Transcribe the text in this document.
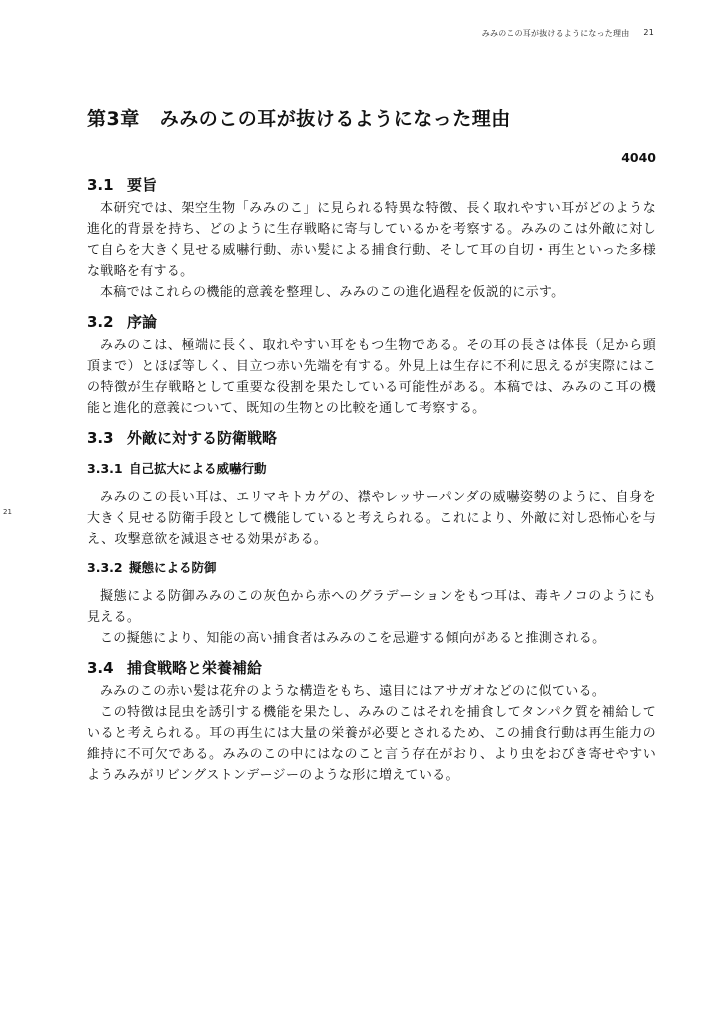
みみのこの耳が抜けるようになった理由 21
21
第3章 みみのこの耳が抜けるようになった理由
4040
3.1 要旨

本研究では、架空生物「みみのこ」に見られる特異な特徴、長く取れやすい耳がどのような進化的背景を持ち、どのように生存戦略に寄与しているかを考察する。みみのこは外敵に対して自らを大きく見せる威嚇行動、赤い髪による捕食行動、そして耳の自切・再生といった多様な戦略を有する。

本稿ではこれらの機能的意義を整理し、みみのこの進化過程を仮説的に示す。

3.2 序論

みみのこは、極端に長く、取れやすい耳をもつ生物である。その耳の長さは体長（足から頭頂まで）とほぼ等しく、目立つ赤い先端を有する。外見上は生存に不利に思えるが実際にはこの特徴が生存戦略として重要な役割を果たしている可能性がある。本稿では、みみのこ耳の機能と進化的意義について、既知の生物との比較を通して考察する。

3.3 外敵に対する防衛戦略
3.3.1 自己拡大による威嚇行動

みみのこの長い耳は、エリマキトカゲの、襟やレッサーパンダの威嚇姿勢のように、自身を大きく見せる防衛手段として機能していると考えられる。これにより、外敵に対し恐怖心を与え、攻撃意欲を減退させる効果がある。

3.3.2 擬態による防御

擬態による防御みみのこの灰色から赤へのグラデーションをもつ耳は、毒キノコのようにも見える。

この擬態により、知能の高い捕食者はみみのこを忌避する傾向があると推測される。

3.4 捕食戦略と栄養補給

みみのこの赤い髪は花弁のような構造をもち、遠目にはアサガオなどのに似ている。

この特徴は昆虫を誘引する機能を果たし、みみのこはそれを捕食してタンパク質を補給していると考えられる。耳の再生には大量の栄養が必要とされるため、この捕食行動は再生能力の維持に不可欠である。みみのこの中にはなのこと言う存在がおり、より虫をおびき寄せやすいようみみがリビングストンデージーのような形に増えている。
